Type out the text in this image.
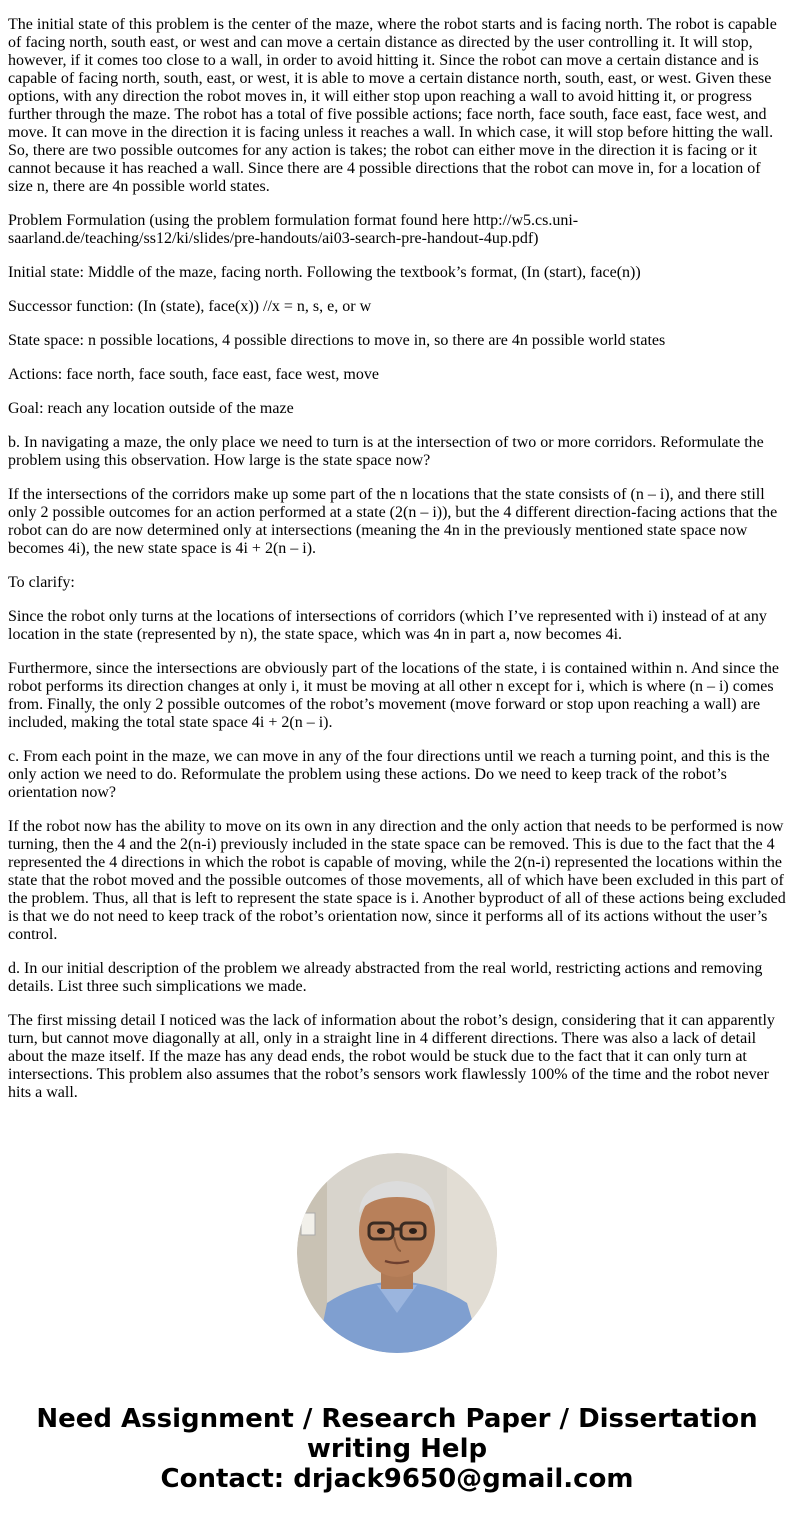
The initial state of this problem is the center of the maze, where the robot starts and is facing north. The robot is capable of facing north, south east, or west and can move a certain distance as directed by the user controlling it. It will stop, however, if it comes too close to a wall, in order to avoid hitting it. Since the robot can move a certain distance and is capable of facing north, south, east, or west, it is able to move a certain distance north, south, east, or west. Given these options, with any direction the robot moves in, it will either stop upon reaching a wall to avoid hitting it, or progress further through the maze. The robot has a total of five possible actions; face north, face south, face east, face west, and move. It can move in the direction it is facing unless it reaches a wall. In which case, it will stop before hitting the wall. So, there are two possible outcomes for any action is takes; the robot can either move in the direction it is facing or it cannot because it has reached a wall. Since there are 4 possible directions that the robot can move in, for a location of size n, there are 4n possible world states.

Problem Formulation (using the problem formulation format found here http://w5.cs.uni-saarland.de/teaching/ss12/ki/slides/pre-handouts/ai03-search-pre-handout-4up.pdf)

Initial state: Middle of the maze, facing north. Following the textbook’s format, (In (start), face(n))

Successor function: (In (state), face(x)) //x = n, s, e, or w

State space: n possible locations, 4 possible directions to move in, so there are 4n possible world states

Actions: face north, face south, face east, face west, move

Goal: reach any location outside of the maze

b. In navigating a maze, the only place we need to turn is at the intersection of two or more corridors. Reformulate the problem using this observation. How large is the state space now?

If the intersections of the corridors make up some part of the n locations that the state consists of (n – i), and there still only 2 possible outcomes for an action performed at a state (2(n – i)), but the 4 different direction-facing actions that the robot can do are now determined only at intersections (meaning the 4n in the previously mentioned state space now becomes 4i), the new state space is 4i + 2(n – i).

To clarify:

Since the robot only turns at the locations of intersections of corridors (which I’ve represented with i) instead of at any location in the state (represented by n), the state space, which was 4n in part a, now becomes 4i.

Furthermore, since the intersections are obviously part of the locations of the state, i is contained within n. And since the robot performs its direction changes at only i, it must be moving at all other n except for i, which is where (n – i) comes from. Finally, the only 2 possible outcomes of the robot’s movement (move forward or stop upon reaching a wall) are included, making the total state space 4i + 2(n – i).

c. From each point in the maze, we can move in any of the four directions until we reach a turning point, and this is the only action we need to do. Reformulate the problem using these actions. Do we need to keep track of the robot’s orientation now?

If the robot now has the ability to move on its own in any direction and the only action that needs to be performed is now turning, then the 4 and the 2(n-i) previously included in the state space can be removed. This is due to the fact that the 4 represented the 4 directions in which the robot is capable of moving, while the 2(n-i) represented the locations within the state that the robot moved and the possible outcomes of those movements, all of which have been excluded in this part of the problem. Thus, all that is left to represent the state space is i. Another byproduct of all of these actions being excluded is that we do not need to keep track of the robot’s orientation now, since it performs all of its actions without the user’s control.

d. In our initial description of the problem we already abstracted from the real world, restricting actions and removing details. List three such simplications we made.

The first missing detail I noticed was the lack of information about the robot’s design, considering that it can apparently turn, but cannot move diagonally at all, only in a straight line in 4 different directions. There was also a lack of detail about the maze itself. If the maze has any dead ends, the robot would be stuck due to the fact that it can only turn at intersections. This problem also assumes that the robot’s sensors work flawlessly 100% of the time and the robot never hits a wall.

Need Assignment / Research Paper / Dissertation writing Help
Contact: drjack9650@gmail.com
